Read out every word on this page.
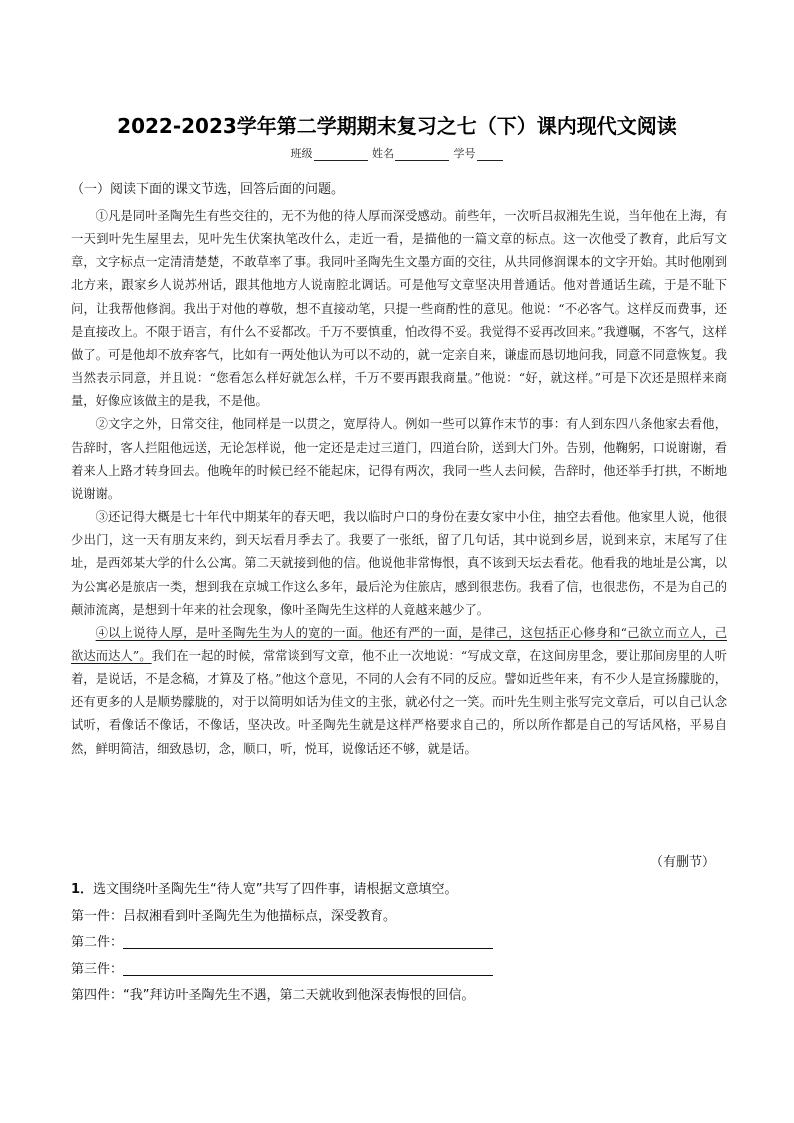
2022-2023学年第二学期期末复习之七（下）课内现代文阅读
班级	姓名	学号
（一）阅读下面的课文节选，回答后面的问题。

①凡是同叶圣陶先生有些交往的，无不为他的待人厚而深受感动。前些年，一次听吕叔湘先生说，当年他在上海，有一天到叶先生屋里去，见叶先生伏案执笔改什么，走近一看，是描他的一篇文章的标点。这一次他受了教育，此后写文章，文字标点一定清清楚楚，不敢草率了事。我同叶圣陶先生文墨方面的交往，从共同修润课本的文字开始。其时他刚到北方来，跟家乡人说苏州话，跟其他地方人说南腔北调话。可是他写文章坚决用普通话。他对普通话生疏，于是不耻下问，让我帮他修润。我出于对他的尊敬，想不直接动笔，只提一些商酌性的意见。他说：“不必客气。这样反而费事，还是直接改上。不限于语言，有什么不妥都改。千万不要慎重，怕改得不妥。我觉得不妥再改回来。”我遵嘱，不客气，这样做了。可是他却不放弃客气，比如有一两处他认为可以不动的，就一定亲自来，谦虚而恳切地问我，同意不同意恢复。我当然表示同意，并且说：“您看怎么样好就怎么样，千万不要再跟我商量。”他说：“好，就这样。”可是下次还是照样来商量，好像应该做主的是我，不是他。

②文字之外，日常交往，他同样是一以贯之，宽厚待人。例如一些可以算作末节的事：有人到东四八条他家去看他，告辞时，客人拦阻他远送，无论怎样说，他一定还是走过三道门，四道台阶，送到大门外。告别，他鞠躬，口说谢谢，看着来人上路才转身回去。他晚年的时候已经不能起床，记得有两次，我同一些人去问候，告辞时，他还举手打拱，不断地说谢谢。

③还记得大概是七十年代中期某年的春天吧，我以临时户口的身份在妻女家中小住，抽空去看他。他家里人说，他很少出门，这一天有朋友来约，到天坛看月季去了。我要了一张纸，留了几句话，其中说到乡居，说到来京，末尾写了住址，是西郊某大学的什么公寓。第二天就接到他的信。他说他非常悔恨，真不该到天坛去看花。他看我的地址是公寓，以为公寓必是旅店一类，想到我在京城工作这么多年，最后沦为住旅店，感到很悲伤。我看了信，也很悲伤，不是为自己的颠沛流离，是想到十年来的社会现象，像叶圣陶先生这样的人竟越来越少了。

④以上说待人厚，是叶圣陶先生为人的宽的一面。他还有严的一面，是律己，这包括正心修身和“己欲立而立人，己欲达而达人”。我们在一起的时候，常常谈到写文章，他不止一次地说：“写成文章，在这间房里念，要让那间房里的人听着，是说话，不是念稿，才算及了格。”他这个意见，不同的人会有不同的反应。譬如近些年来，有不少人是宣扬朦胧的，还有更多的人是顺势朦胧的，对于以简明如话为佳文的主张，就必付之一笑。而叶先生则主张写完文章后，可以自己认念试听，看像话不像话，不像话，坚决改。叶圣陶先生就是这样严格要求自己的，所以所作都是自己的写话风格，平易自然，鲜明简洁，细致恳切，念，顺口，听，悦耳，说像话还不够，就是话。

（有删节）
1．选文围绕叶圣陶先生“待人宽”共写了四件事，请根据文意填空。
第一件：吕叔湘看到叶圣陶先生为他描标点，深受教育。
第二件：
第三件：
第四件：“我”拜访叶圣陶先生不遇，第二天就收到他深表悔恨的回信。
